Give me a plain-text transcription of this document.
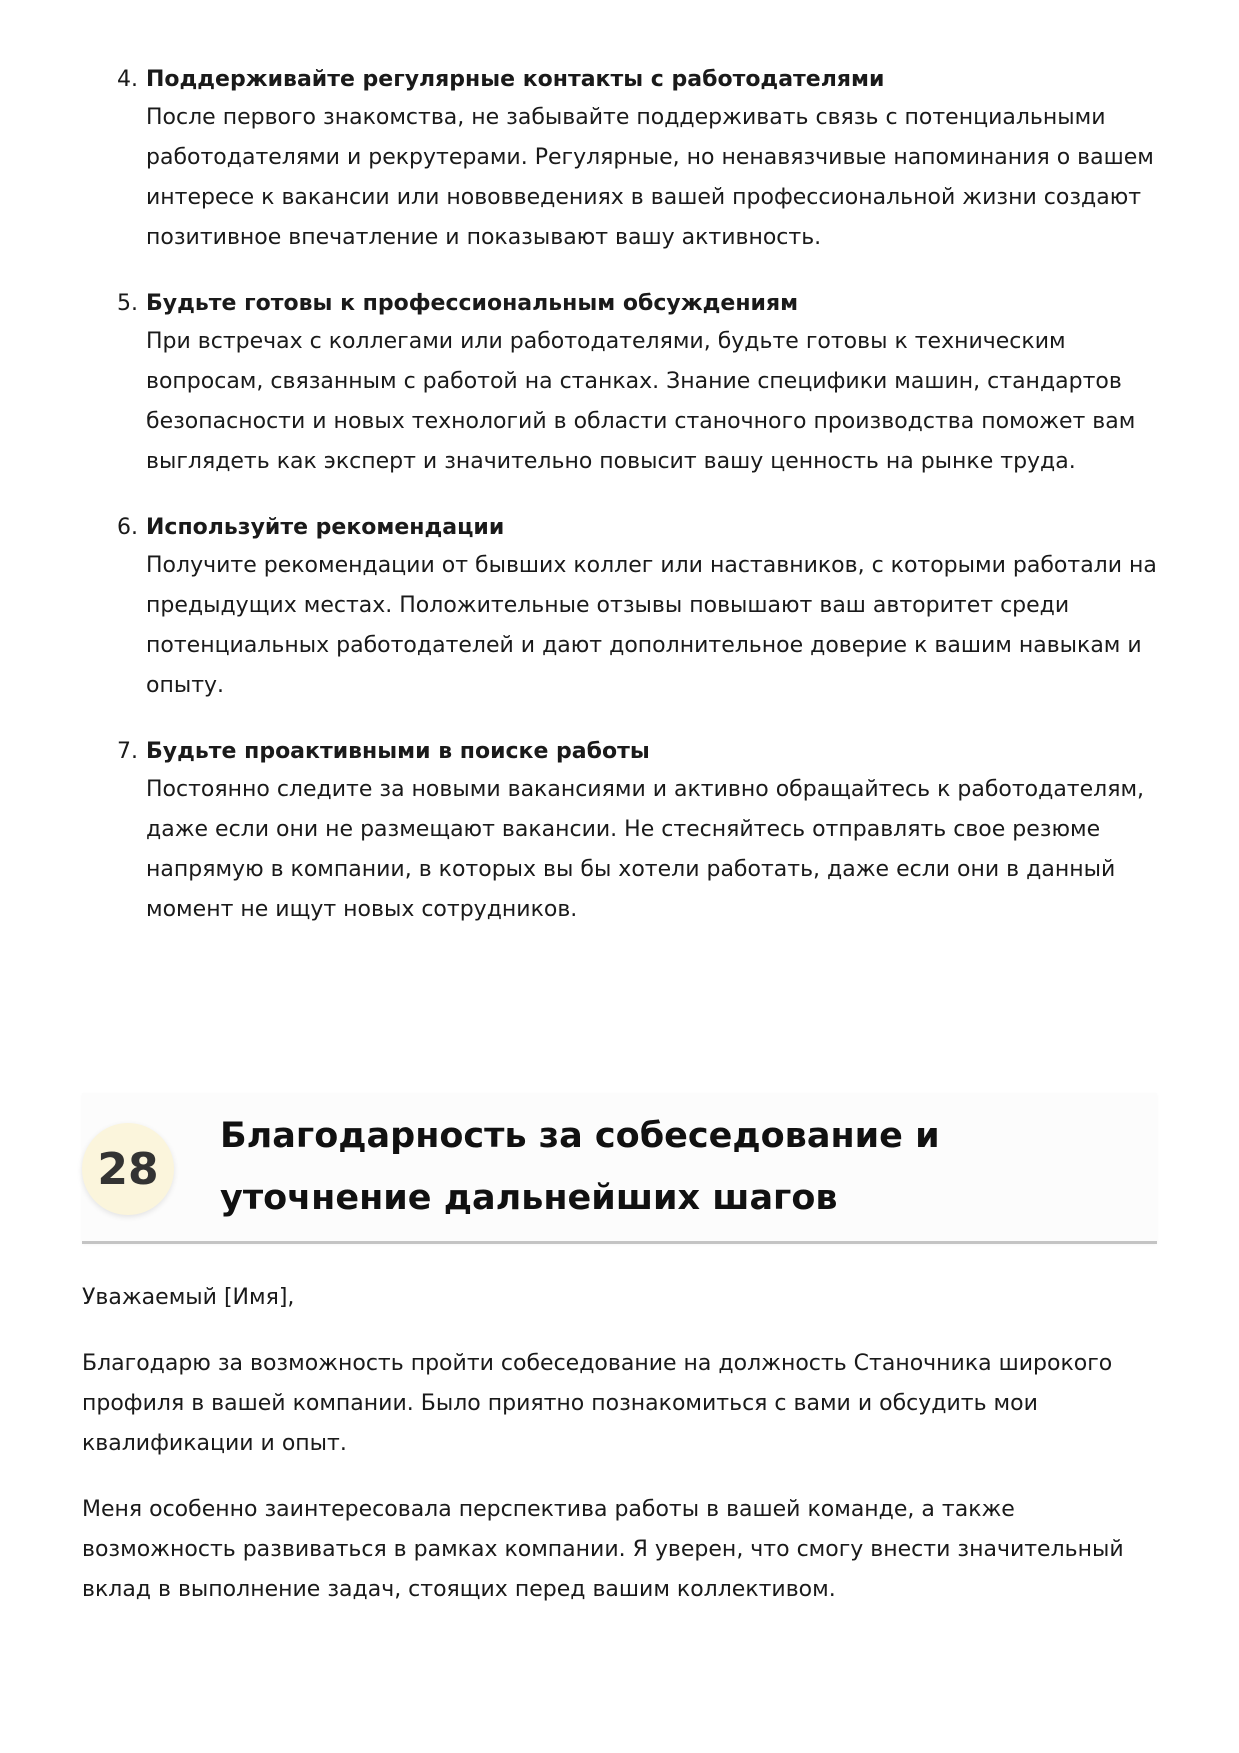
4. Поддерживайте регулярные контакты с работодателями

После первого знакомства, не забывайте поддерживать связь с потенциальными работодателями и рекрутерами. Регулярные, но ненавязчивые напоминания о вашем интересе к вакансии или нововведениях в вашей профессиональной жизни создают позитивное впечатление и показывают вашу активность.

5. Будьте готовы к профессиональным обсуждениям

При встречах с коллегами или работодателями, будьте готовы к техническим вопросам, связанным с работой на станках. Знание специфики машин, стандартов безопасности и новых технологий в области станочного производства поможет вам выглядеть как эксперт и значительно повысит вашу ценность на рынке труда.

6. Используйте рекомендации

Получите рекомендации от бывших коллег или наставников, с которыми работали на предыдущих местах. Положительные отзывы повышают ваш авторитет среди потенциальных работодателей и дают дополнительное доверие к вашим навыкам и опыту.

7. Будьте проактивными в поиске работы

Постоянно следите за новыми вакансиями и активно обращайтесь к работодателям, даже если они не размещают вакансии. Не стесняйтесь отправлять свое резюме напрямую в компании, в которых вы бы хотели работать, даже если они в данный момент не ищут новых сотрудников.

28
Благодарность за собеседование и уточнение дальнейших шагов

Уважаемый [Имя],

Благодарю за возможность пройти собеседование на должность Станочника широкого профиля в вашей компании. Было приятно познакомиться с вами и обсудить мои квалификации и опыт.

Меня особенно заинтересовала перспектива работы в вашей команде, а также возможность развиваться в рамках компании. Я уверен, что смогу внести значительный вклад в выполнение задач, стоящих перед вашим коллективом.
